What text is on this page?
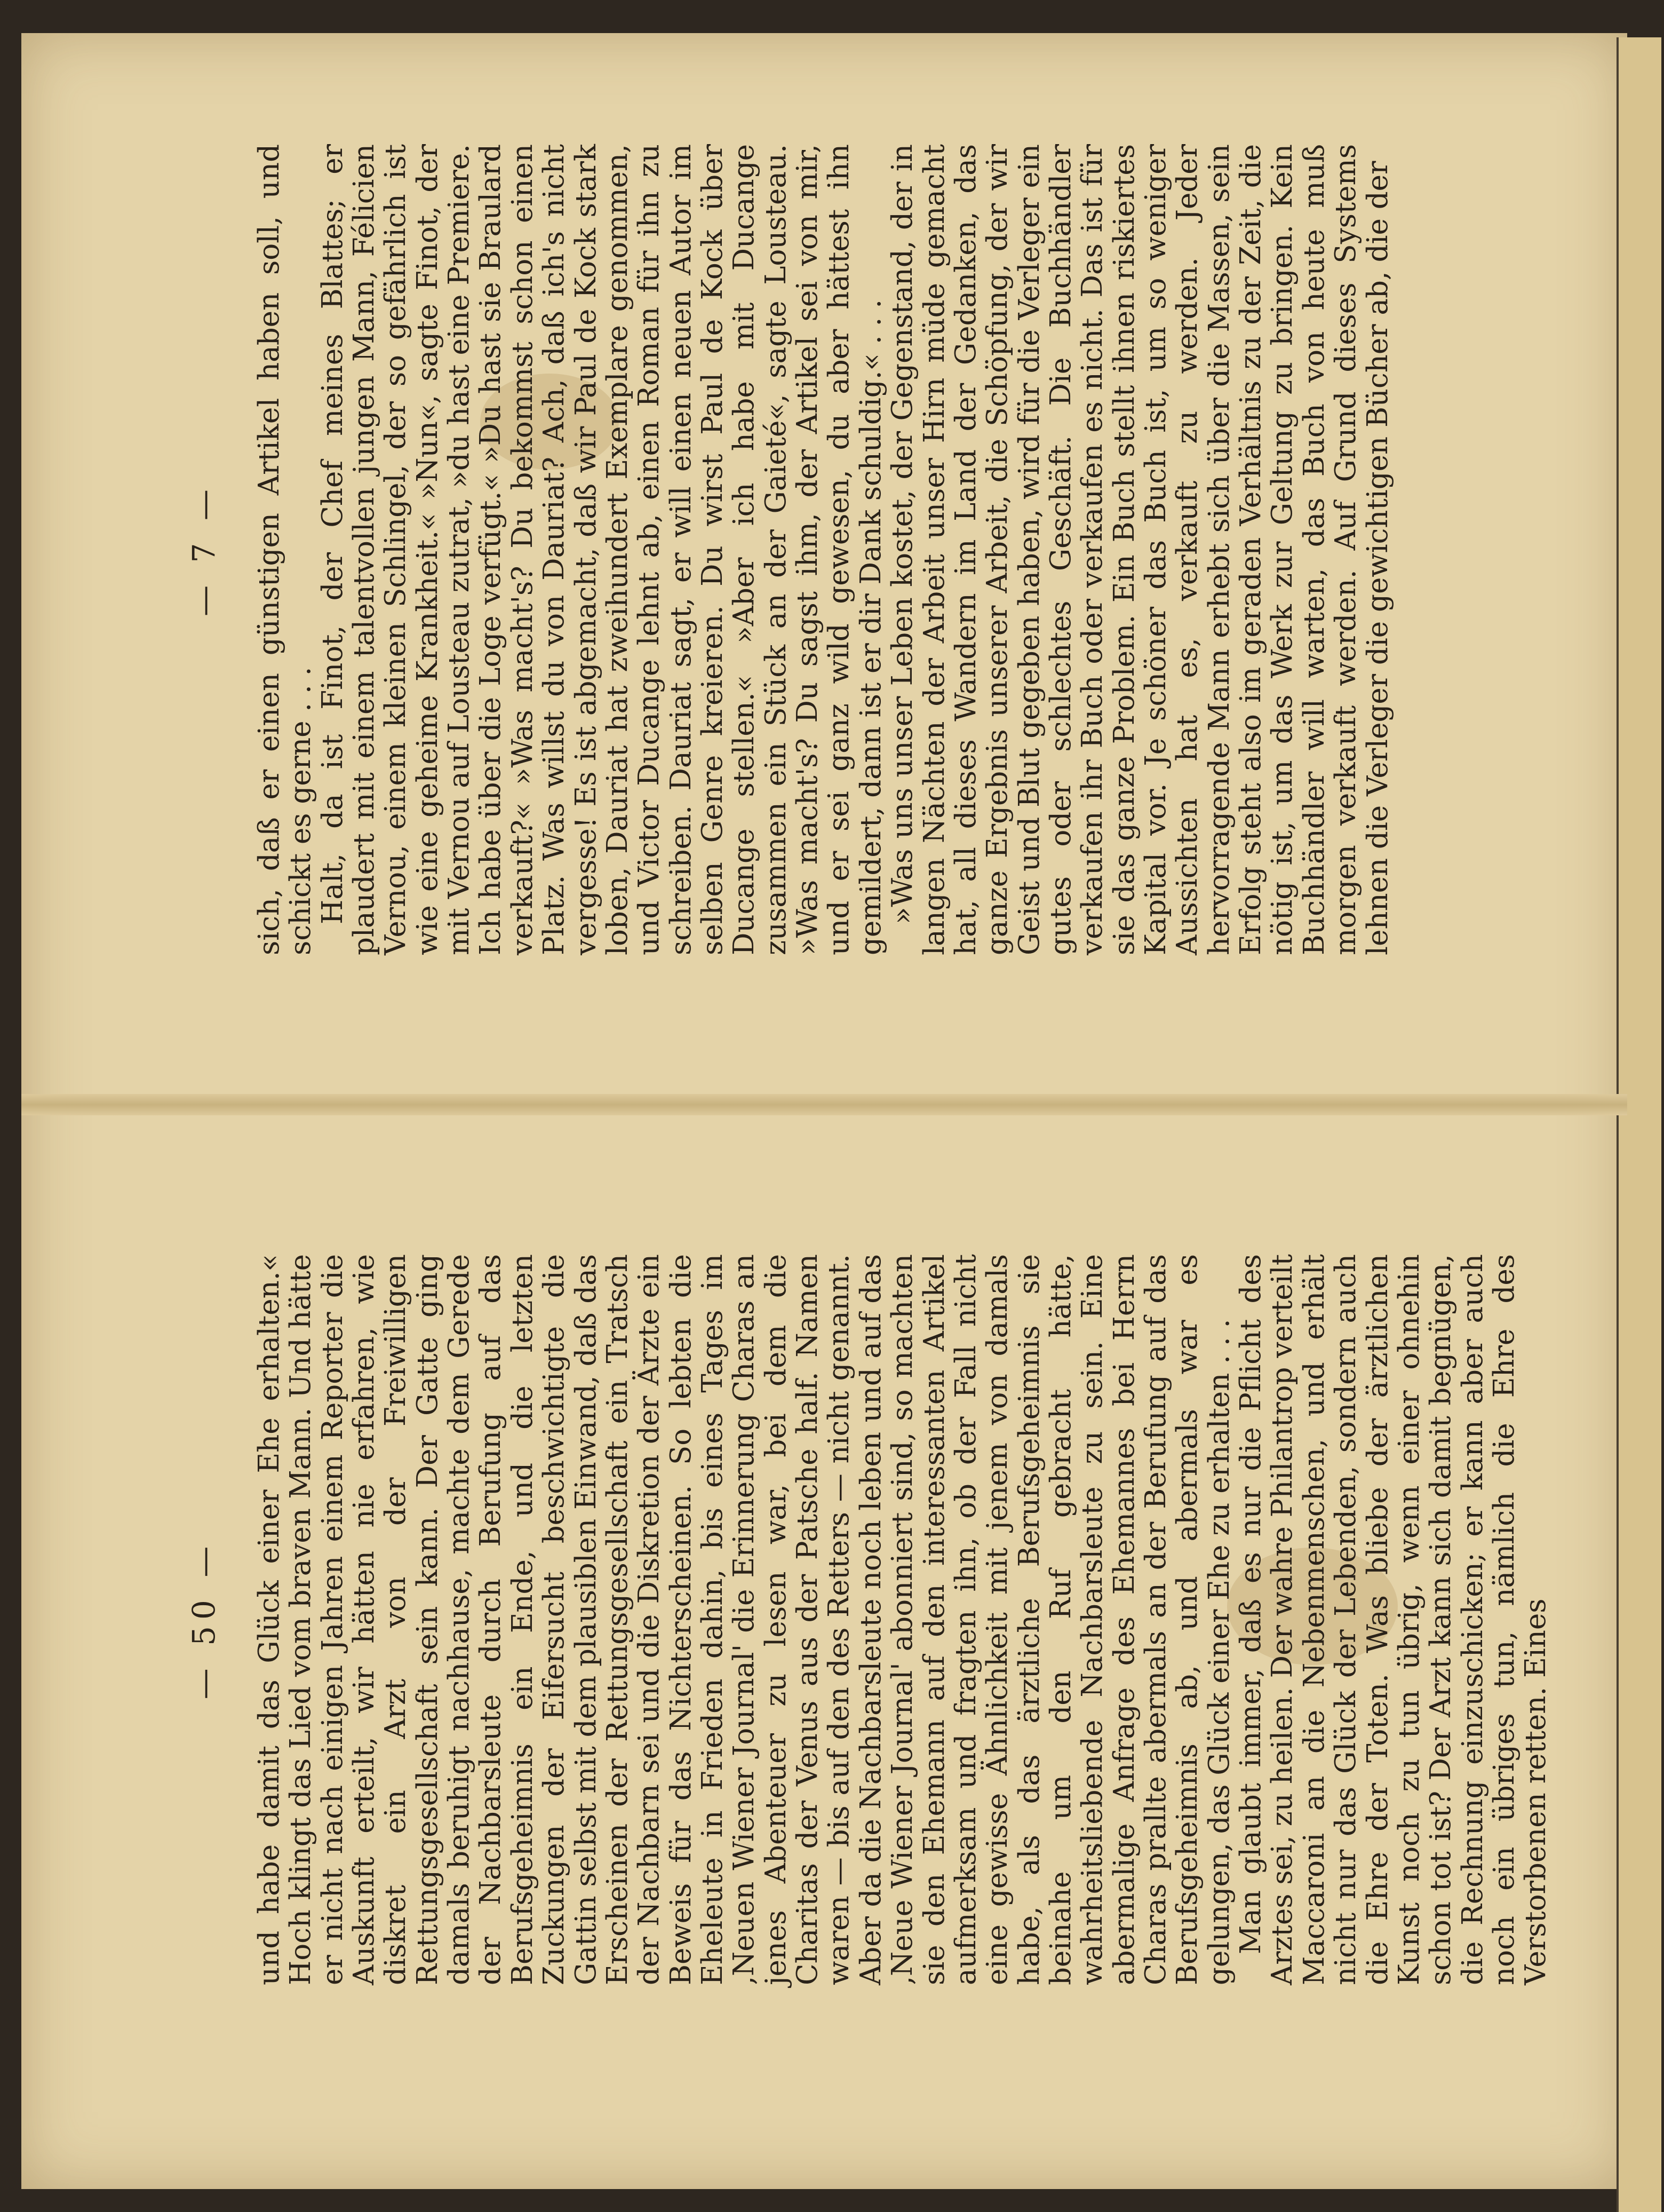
— 50 — und habe damit das Glück einer Ehe erhalten.« Hoch klingt das Lied vom braven Mann. Und hätte er nicht nach einigen Jahren einem Reporter die Auskunft erteilt, wir hätten nie erfahren, wie diskret ein Arzt von der Freiwilligen Rettungsgesellschaft sein kann. Der Gatte ging damals beruhigt nachhause, machte dem Gerede der Nachbarsleute durch Berufung auf das Berufsgeheimnis ein Ende, und die letzten Zuckungen der Eifersucht beschwichtigte die Gattin selbst mit dem plausiblen Einwand, daß das Erscheinen der Rettungsgesellschaft ein Tratsch der Nachbarn sei und die Diskretion der Ärzte ein Beweis für das Nichterscheinen. So lebten die Eheleute in Frieden dahin, bis eines Tages im ‚Neuen Wiener Journal' die Erinnerung Charas an jenes Abenteuer zu lesen war, bei dem die Charitas der Venus aus der Patsche half. Namen waren — bis auf den des Retters — nicht genannt. Aber da die Nachbarsleute noch leben und auf das ‚Neue Wiener Journal' abonniert sind, so machten sie den Ehemann auf den interessanten Artikel aufmerksam und fragten ihn, ob der Fall nicht eine gewisse Ähnlichkeit mit jenem von damals habe, als das ärztliche Berufsgeheimnis sie beinahe um den Ruf gebracht hätte, wahrheitsliebende Nachbarsleute zu sein. Eine abermalige Anfrage des Ehemannes bei Herrn Charas prallte abermals an der Berufung auf das Berufsgeheimnis ab, und abermals war es gelungen, das Glück einer Ehe zu erhalten . . .

Man glaubt immer, daß es nur die Pflicht des Arztes sei, zu heilen. Der wahre Philantrop verteilt Maccaroni an die Nebenmenschen, und erhält nicht nur das Glück der Lebenden, sondern auch die Ehre der Toten. Was bliebe der ärztlichen Kunst noch zu tun übrig, wenn einer ohnehin schon tot ist? Der Arzt kann sich damit begnügen, die Rechnung einzuschicken; er kann aber auch noch ein übriges tun, nämlich die Ehre des Verstorbenen retten. Eines

— 7 — sich, daß er einen günstigen Artikel haben soll, und schickt es gerne . . .

Halt, da ist Finot, der Chef meines Blattes; er plaudert mit einem talentvollen jungen Mann, Félicien Vernou, einem kleinen Schlingel, der so gefährlich ist wie eine geheime Krankheit.« »Nun«, sagte Finot, der mit Vernou auf Lousteau zutrat, »du hast eine Premiere. Ich habe über die Loge verfügt.« »Du hast sie Braulard verkauft?« »Was macht's? Du bekommst schon einen Platz. Was willst du von Dauriat? Ach, daß ich's nicht vergesse! Es ist abgemacht, daß wir Paul de Kock stark loben, Dauriat hat zweihundert Exemplare genommen, und Victor Ducange lehnt ab, einen Roman für ihn zu schreiben. Dauriat sagt, er will einen neuen Autor im selben Genre kreieren. Du wirst Paul de Kock über Ducange stellen.« »Aber ich habe mit Ducange zusammen ein Stück an der Gaieté«, sagte Lousteau. »Was macht's? Du sagst ihm, der Artikel sei von mir, und er sei ganz wild gewesen, du aber hättest ihn gemildert, dann ist er dir Dank schuldig.« . . .

»Was uns unser Leben kostet, der Gegenstand, der in langen Nächten der Arbeit unser Hirn müde gemacht hat, all dieses Wandern im Land der Gedanken, das ganze Ergebnis unserer Arbeit, die Schöpfung, der wir Geist und Blut gegeben haben, wird für die Verleger ein gutes oder schlechtes Geschäft. Die Buchhändler verkaufen ihr Buch oder verkaufen es nicht. Das ist für sie das ganze Problem. Ein Buch stellt ihnen riskiertes Kapital vor. Je schöner das Buch ist, um so weniger Aussichten hat es, verkauft zu werden. Jeder hervorragende Mann erhebt sich über die Massen, sein Erfolg steht also im geraden Verhältnis zu der Zeit, die nötig ist, um das Werk zur Geltung zu bringen. Kein Buchhändler will warten, das Buch von heute muß morgen verkauft werden. Auf Grund dieses Systems lehnen die Verleger die gewichtigen Bücher ab, die der
